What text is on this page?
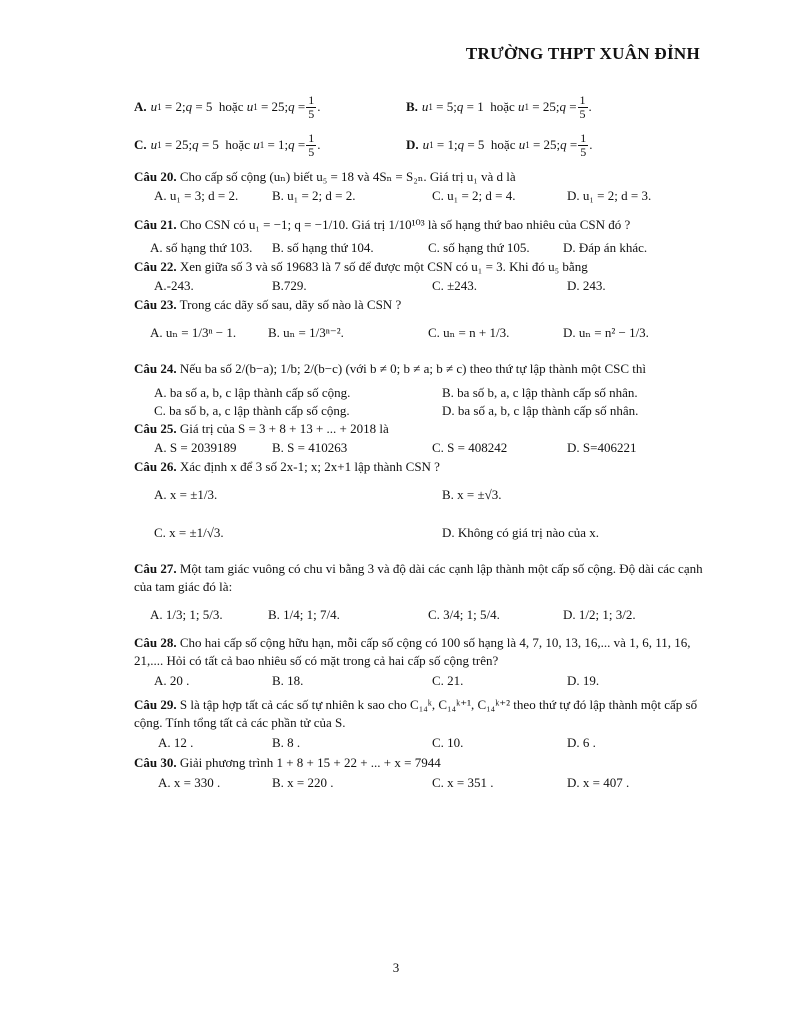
TRƯỜNG THPT XUÂN ĐỈNH
A. u 1 = 2; q = 5  hoặc u 1 = 25; $q = \frac{1}{5}$ .	B. u 1 = 5; q = 1  hoặc u 1 = 25; $q = \frac{1}{5}$ .
C. u 1 = 25; q = 5  hoặc u 1 = 1; $q = \frac{1}{5}$ .	D. u 1 = 1; q = 5  hoặc u 1 = 25; $q = \frac{1}{5}$ .

Câu 20. Cho cấp số cộng (uₙ) biết u₅ = 18 và 4Sₙ = S₂ₙ. Giá trị u₁ và d là

A. u₁ = 3; d = 2.	B. u₁ = 2; d = 2.	C. u₁ = 2; d = 4.	D. u₁ = 2; d = 3.

Câu 21. Cho CSN có u₁ = −1; q = −1/10. Giá trị 1/10¹⁰³ là số hạng thứ bao nhiêu của CSN đó ?

A. số hạng thứ 103.	B. số hạng thứ 104.	C. số hạng thứ 105.	D. Đáp án khác.

Câu 22. Xen giữa số 3 và số 19683 là 7 số để được một CSN có u₁ = 3. Khi đó u₅ bằng

A.-243.	B.729.	C. ±243.	D. 243.

Câu 23. Trong các dãy số sau, dãy số nào là CSN ?

A. uₙ = 1/3ⁿ − 1.	B. uₙ = 1/3ⁿ⁻².	C. uₙ = n + 1/3.	D. uₙ = n² − 1/3.

Câu 24. Nếu ba số 2/(b−a); 1/b; 2/(b−c) (với b ≠ 0; b ≠ a; b ≠ c) theo thứ tự lập thành một CSC thì

A. ba số a, b, c lập thành cấp số cộng.	B. ba số b, a, c lập thành cấp số nhân.
C. ba số b, a, c lập thành cấp số cộng.	D. ba số a, b, c lập thành cấp số nhân.

Câu 25. Giá trị của S = 3 + 8 + 13 + ... + 2018 là

A. S = 2039189	B. S = 410263	C. S = 408242	D. S=406221

Câu 26. Xác định x để 3 số 2x-1; x; 2x+1 lập thành CSN ?

A. x = ±1/3.	B. x = ±√3.
C. x = ±1/√3.	D. Không có giá trị nào của x.

Câu 27. Một tam giác vuông có chu vi bằng 3 và độ dài các cạnh lập thành một cấp số cộng. Độ dài các cạnh của tam giác đó là:

A. 1/3; 1; 5/3.	B. 1/4; 1; 7/4.	C. 3/4; 1; 5/4.	D. 1/2; 1; 3/2.

Câu 28. Cho hai cấp số cộng hữu hạn, mỗi cấp số cộng có 100 số hạng là 4, 7, 10, 13, 16,... và 1, 6, 11, 16, 21,.... Hỏi có tất cả bao nhiêu số có mặt trong cả hai cấp số cộng trên?

A. 20 .	B. 18.	C. 21.	D. 19.

Câu 29. S là tập hợp tất cả các số tự nhiên k sao cho C₁₄ᵏ, C₁₄ᵏ⁺¹, C₁₄ᵏ⁺² theo thứ tự đó lập thành một cấp số cộng. Tính tổng tất cả các phần tử của S.

A. 12 .	B. 8 .	C. 10.	D. 6 .

Câu 30. Giải phương trình 1 + 8 + 15 + 22 + ... + x = 7944

A. x = 330 .	B. x = 220 .	C. x = 351 .	D. x = 407 .
3
